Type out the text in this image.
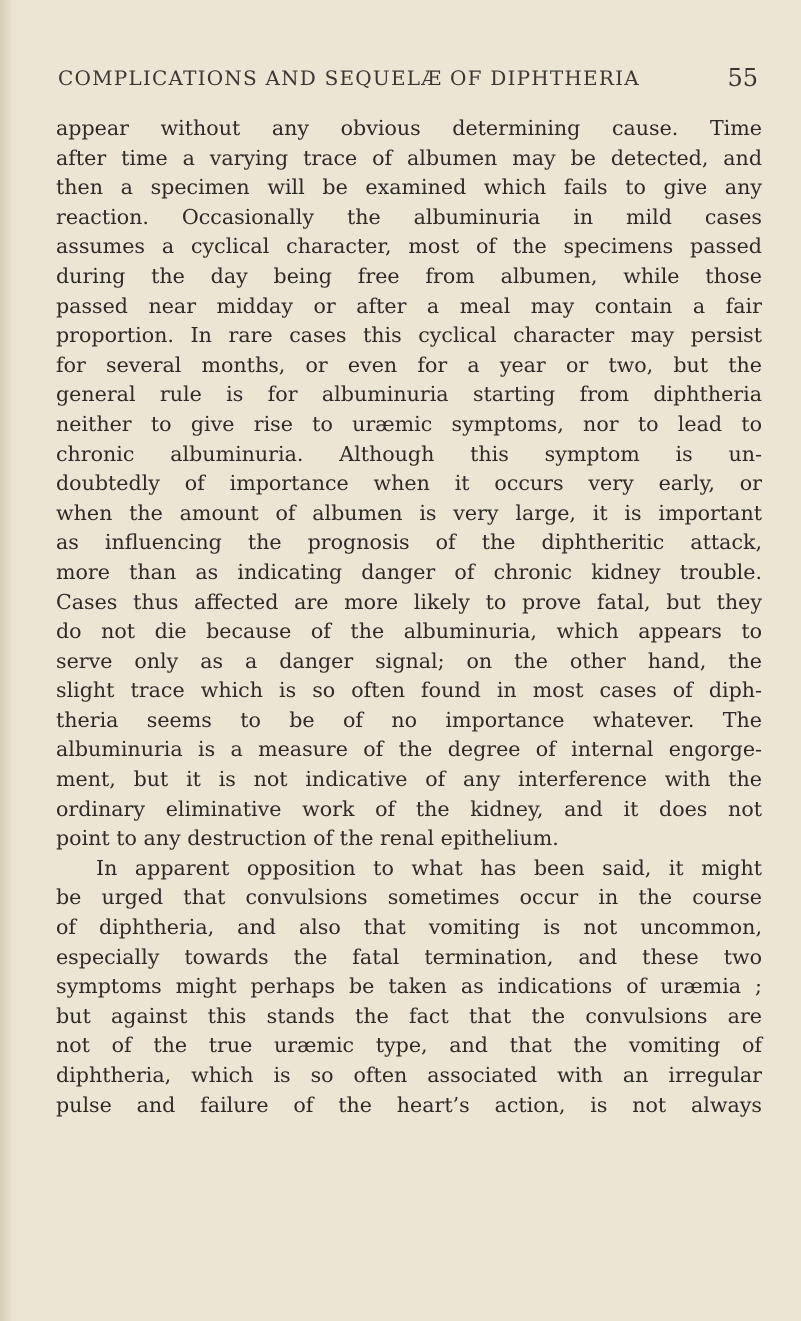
COMPLICATIONS AND SEQUELÆ OF DIPHTHERIA	55
appear without any obvious determining cause. Time
after time a varying trace of albumen may be detected, and
then a specimen will be examined which fails to give any
reaction. Occasionally the albuminuria in mild cases
assumes a cyclical character, most of the specimens passed
during the day being free from albumen, while those
passed near midday or after a meal may contain a fair
proportion. In rare cases this cyclical character may persist
for several months, or even for a year or two, but the
general rule is for albuminuria starting from diphtheria
neither to give rise to uræmic symptoms, nor to lead to
chronic albuminuria. Although this symptom is un-
doubtedly of importance when it occurs very early, or
when the amount of albumen is very large, it is important
as influencing the prognosis of the diphtheritic attack,
more than as indicating danger of chronic kidney trouble.
Cases thus affected are more likely to prove fatal, but they
do not die because of the albuminuria, which appears to
serve only as a danger signal; on the other hand, the
slight trace which is so often found in most cases of diph-
theria seems to be of no importance whatever. The
albuminuria is a measure of the degree of internal engorge-
ment, but it is not indicative of any interference with the
ordinary eliminative work of the kidney, and it does not
point to any destruction of the renal epithelium.
In apparent opposition to what has been said, it might
be urged that convulsions sometimes occur in the course
of diphtheria, and also that vomiting is not uncommon,
especially towards the fatal termination, and these two
symptoms might perhaps be taken as indications of uræmia ;
but against this stands the fact that the convulsions are
not of the true uræmic type, and that the vomiting of
diphtheria, which is so often associated with an irregular
pulse and failure of the heart’s action, is not always
